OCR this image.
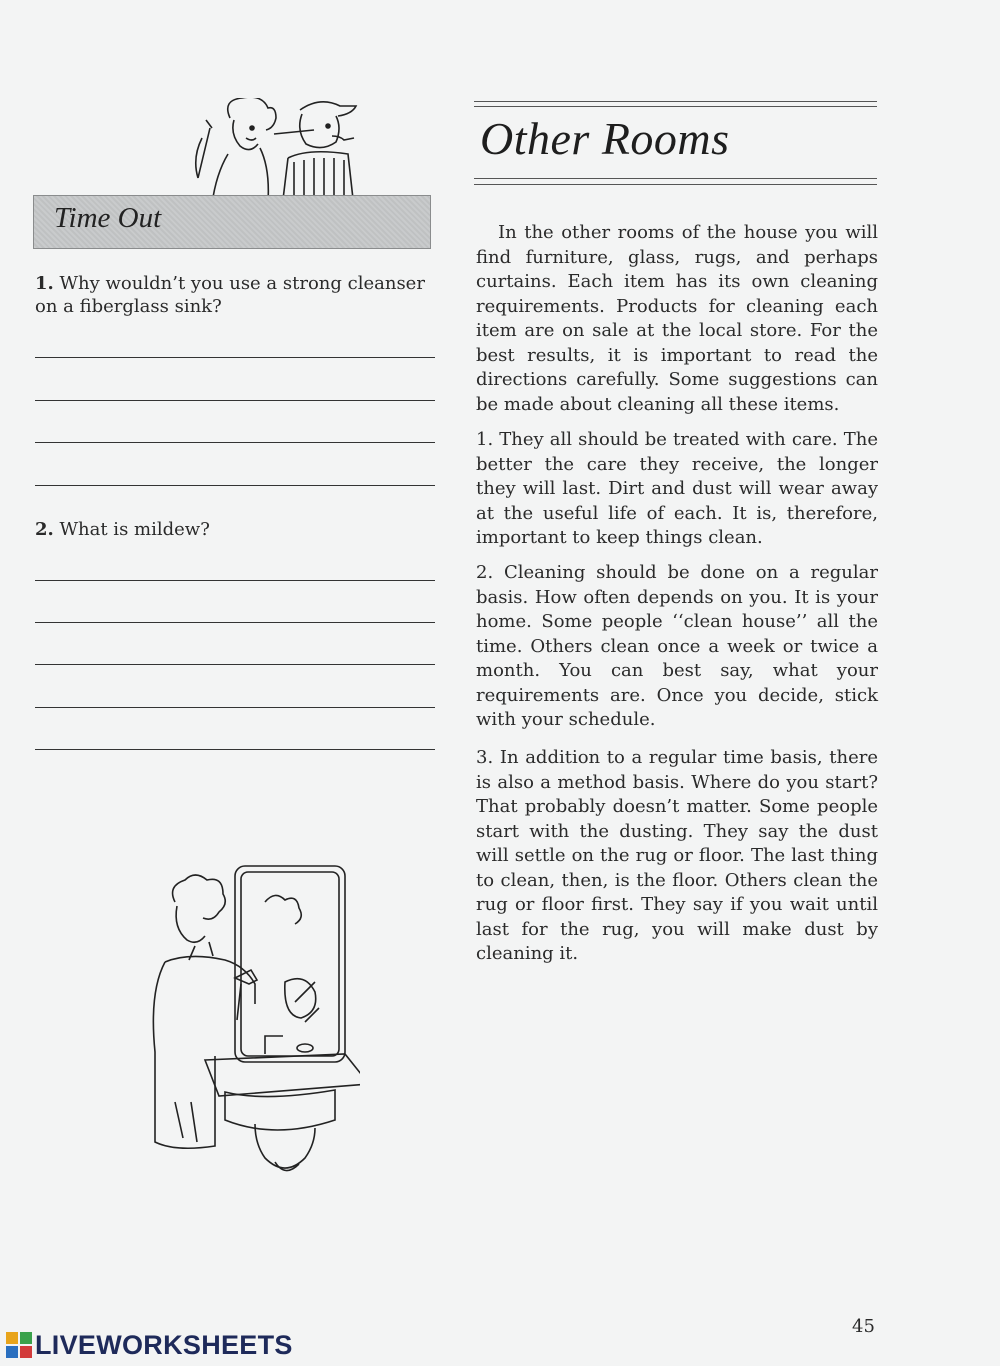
Time Out
1. Why wouldn’t you use a strong cleanser on a fiberglass sink?
2. What is mildew?
Other Rooms

In the other rooms of the house you will find furniture, glass, rugs, and perhaps curtains. Each item has its own cleaning requirements. Products for cleaning each item are on sale at the local store. For the best results, it is important to read the directions carefully. Some suggestions can be made about cleaning all these items.

1. They all should be treated with care. The better the care they receive, the longer they will last. Dirt and dust will wear away at the useful life of each. It is, therefore, important to keep things clean.

2. Cleaning should be done on a regular basis. How often depends on you. It is your home. Some people ‘‘clean house’’ all the time. Others clean once a week or twice a month. You can best say, what your requirements are. Once you decide, stick with your schedule.

3. In addition to a regular time basis, there is also a method basis. Where do you start? That probably doesn’t matter. Some people start with the dusting. They say the dust will settle on the rug or floor. The last thing to clean, then, is the floor. Others clean the rug or floor first. They say if you wait until last for the rug, you will make dust by cleaning it.

45
LIVEWORKSHEETS
